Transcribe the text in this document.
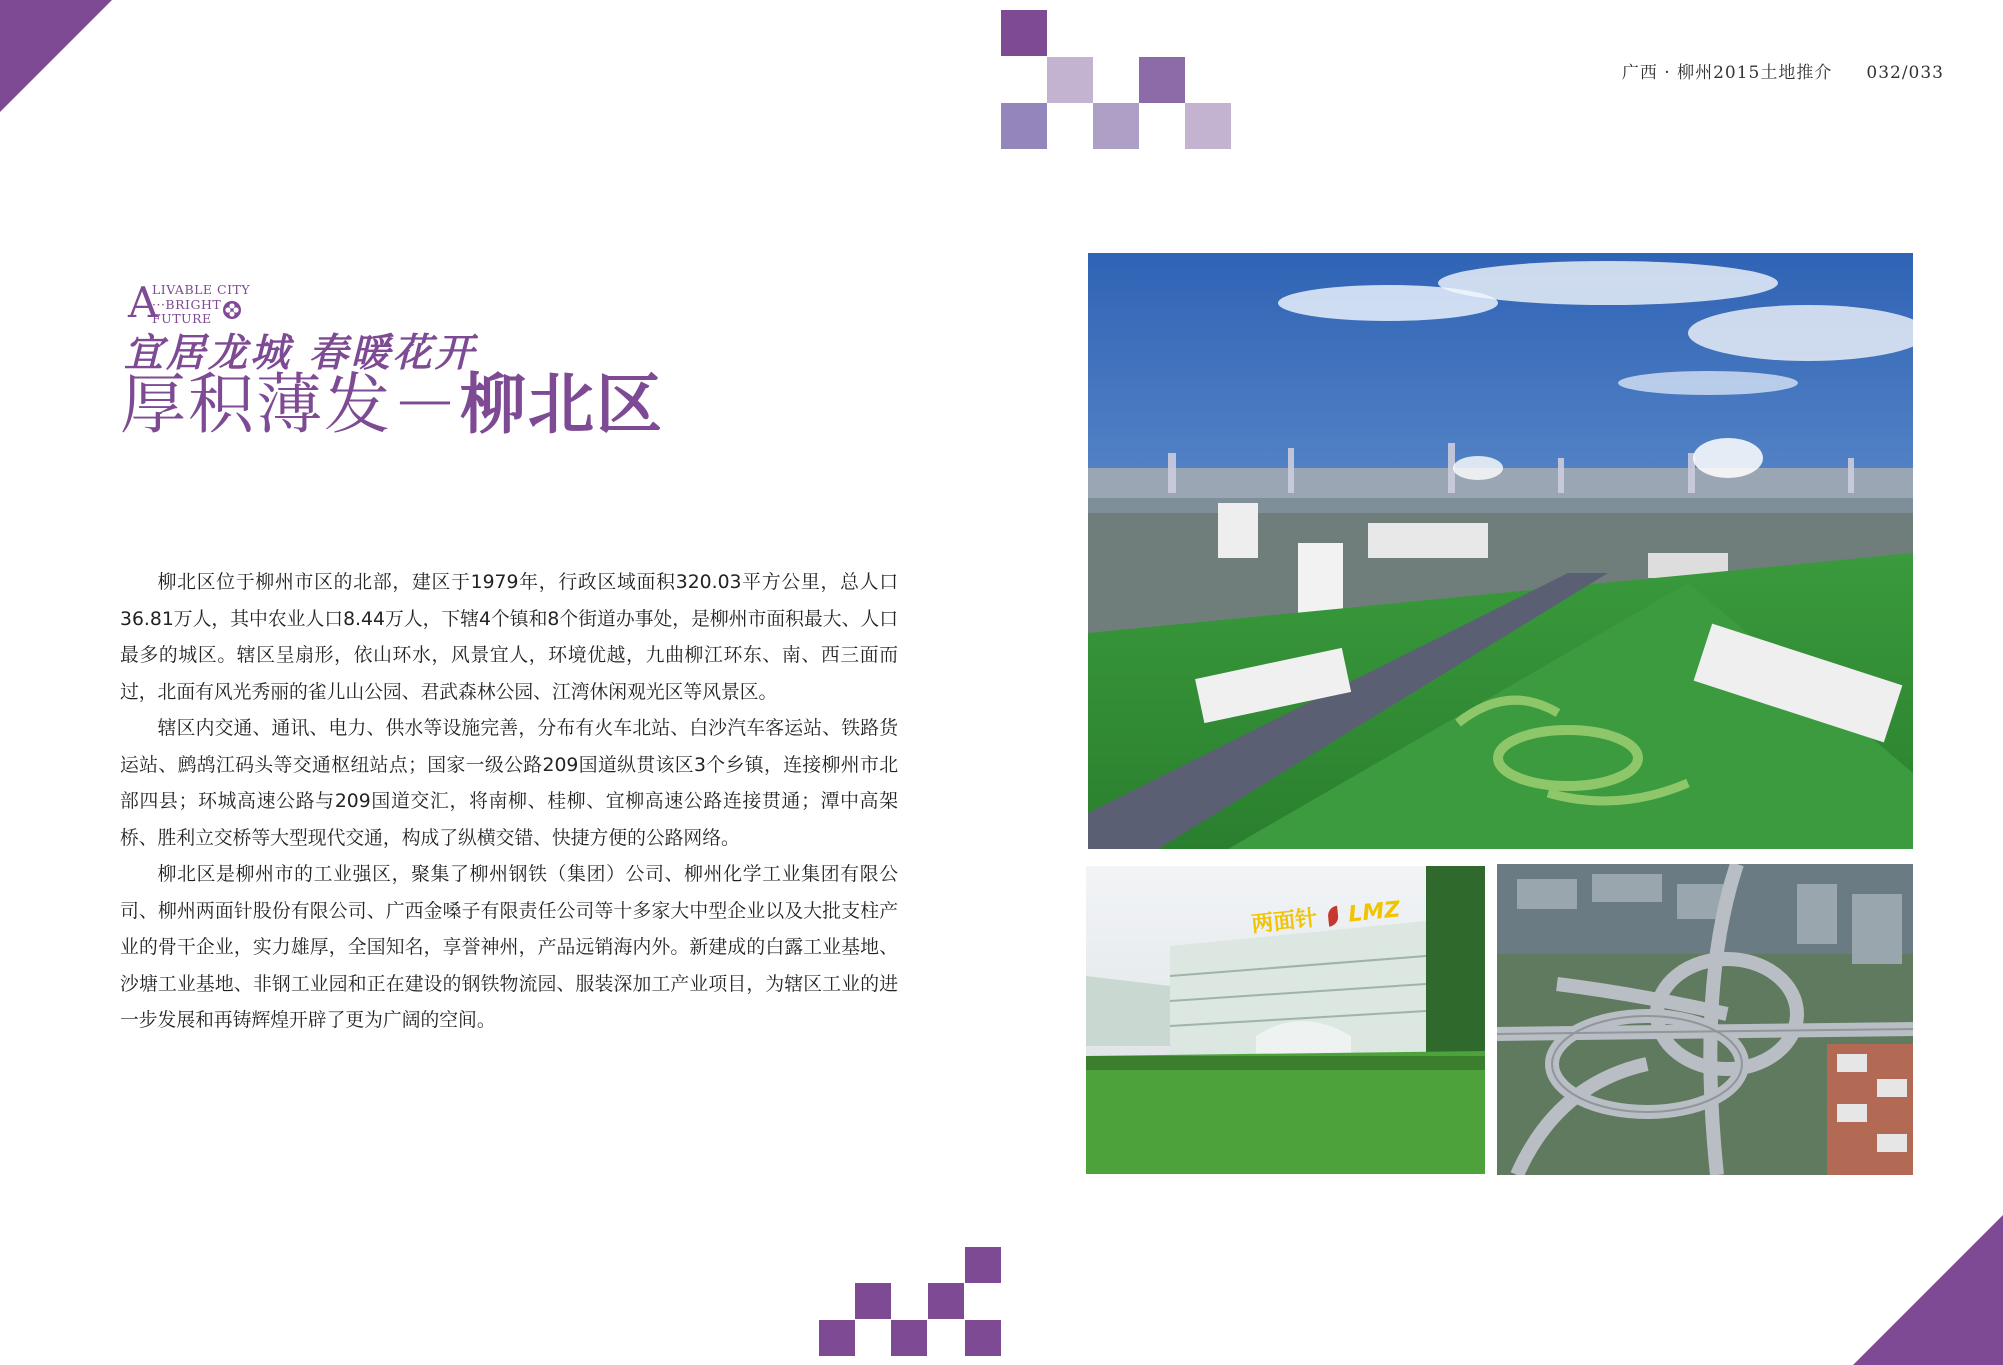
广西 · 柳州2015土地推介 032/033
A
LIVABLE CITY
···BRIGHT
FUTURE
宜居龙城 春暖花开
厚积薄发－柳北区

柳北区位于柳州市区的北部，建区于1979年，行政区域面积320.03平方公里，总人口36.81万人，其中农业人口8.44万人，下辖4个镇和8个街道办事处，是柳州市面积最大、人口最多的城区。辖区呈扇形，依山环水，风景宜人，环境优越，九曲柳江环东、南、西三面而过，北面有风光秀丽的雀儿山公园、君武森林公园、江湾休闲观光区等风景区。

辖区内交通、通讯、电力、供水等设施完善，分布有火车北站、白沙汽车客运站、铁路货运站、鹧鸪江码头等交通枢纽站点；国家一级公路209国道纵贯该区3个乡镇，连接柳州市北部四县；环城高速公路与209国道交汇，将南柳、桂柳、宜柳高速公路连接贯通；潭中高架桥、胜利立交桥等大型现代交通，构成了纵横交错、快捷方便的公路网络。

柳北区是柳州市的工业强区，聚集了柳州钢铁（集团）公司、柳州化学工业集团有限公司、柳州两面针股份有限公司、广西金嗓子有限责任公司等十多家大中型企业以及大批支柱产业的骨干企业，实力雄厚，全国知名，享誉神州，产品远销海内外。新建成的白露工业基地、沙塘工业基地、非钢工业园和正在建设的钢铁物流园、服装深加工产业项目，为辖区工业的进一步发展和再铸辉煌开辟了更为广阔的空间。

两面针 LMZ
